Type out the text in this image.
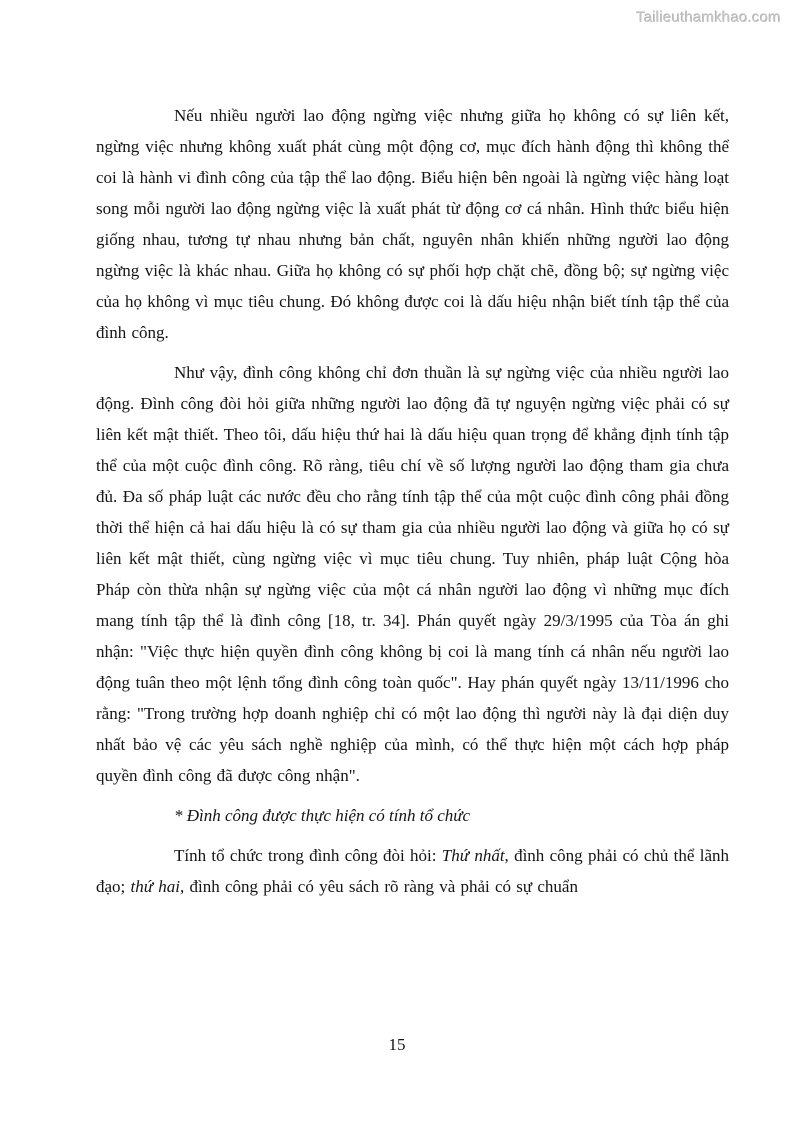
Tailieuthamkhao.com

Nếu nhiều người lao động ngừng việc nhưng giữa họ không có sự liên kết, ngừng việc nhưng không xuất phát cùng một động cơ, mục đích hành động thì không thể coi là hành vi đình công của tập thể lao động. Biểu hiện bên ngoài là ngừng việc hàng loạt song mỗi người lao động ngừng việc là xuất phát từ động cơ cá nhân. Hình thức biểu hiện giống nhau, tương tự nhau nhưng bản chất, nguyên nhân khiến những người lao động ngừng việc là khác nhau. Giữa họ không có sự phối hợp chặt chẽ, đồng bộ; sự ngừng việc của họ không vì mục tiêu chung. Đó không được coi là dấu hiệu nhận biết tính tập thể của đình công.

Như vậy, đình công không chỉ đơn thuần là sự ngừng việc của nhiều người lao động. Đình công đòi hỏi giữa những người lao động đã tự nguyện ngừng việc phải có sự liên kết mật thiết. Theo tôi, dấu hiệu thứ hai là dấu hiệu quan trọng để khẳng định tính tập thể của một cuộc đình công. Rõ ràng, tiêu chí về số lượng người lao động tham gia chưa đủ. Đa số pháp luật các nước đều cho rằng tính tập thể của một cuộc đình công phải đồng thời thể hiện cả hai dấu hiệu là có sự tham gia của nhiều người lao động và giữa họ có sự liên kết mật thiết, cùng ngừng việc vì mục tiêu chung. Tuy nhiên, pháp luật Cộng hòa Pháp còn thừa nhận sự ngừng việc của một cá nhân người lao động vì những mục đích mang tính tập thể là đình công [18, tr. 34]. Phán quyết ngày 29/3/1995 của Tòa án ghi nhận: "Việc thực hiện quyền đình công không bị coi là mang tính cá nhân nếu người lao động tuân theo một lệnh tổng đình công toàn quốc". Hay phán quyết ngày 13/11/1996 cho rằng: "Trong trường hợp doanh nghiệp chỉ có một lao động thì người này là đại diện duy nhất bảo vệ các yêu sách nghề nghiệp của mình, có thể thực hiện một cách hợp pháp quyền đình công đã được công nhận".

* Đình công được thực hiện có tính tổ chức

Tính tổ chức trong đình công đòi hỏi: Thứ nhất, đình công phải có chủ thể lãnh đạo; thứ hai, đình công phải có yêu sách rõ ràng và phải có sự chuẩn

15
